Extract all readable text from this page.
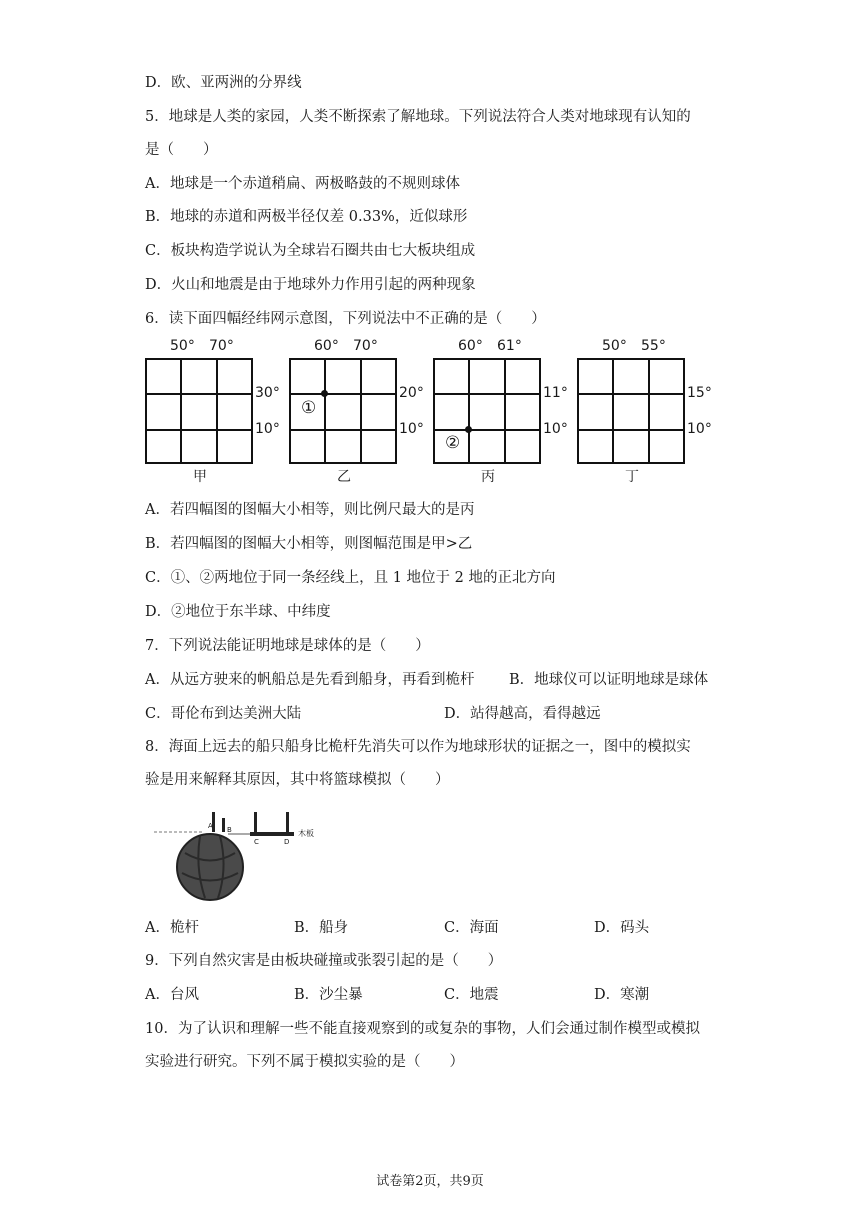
D．欧、亚两洲的分界线
5．地球是人类的家园，人类不断探索了解地球。下列说法符合人类对地球现有认知的
是（　　）
A．地球是一个赤道稍扁、两极略鼓的不规则球体
B．地球的赤道和两极半径仅差 0.33%，近似球形
C．板块构造学说认为全球岩石圈共由七大板块组成
D．火山和地震是由于地球外力作用引起的两种现象
6．读下面四幅经纬网示意图，下列说法中不正确的是（　　）
50° 70°
30°
10°
甲
①
60° 70°
20°
10°
乙
②
60° 61°
11°
10°
丙
50° 55°
15°
10°
丁
A．若四幅图的图幅大小相等，则比例尺最大的是丙
B．若四幅图的图幅大小相等，则图幅范围是甲>乙
C．①、②两地位于同一条经线上，且 1 地位于 2 地的正北方向
D．②地位于东半球、中纬度
7．下列说法能证明地球是球体的是（　　）
A．从远方驶来的帆船总是先看到船身，再看到桅杆 B．地球仪可以证明地球是球体
C．哥伦布到达美洲大陆	D．站得越高，看得越远
8．海面上远去的船只船身比桅杆先消失可以作为地球形状的证据之一，图中的模拟实
验是用来解释其原因，其中将篮球模拟（　　）
A B
C	D
木板
A．桅杆	B．船身	C．海面	D．码头
9．下列自然灾害是由板块碰撞或张裂引起的是（　　）
A．台风	B．沙尘暴	C．地震	D．寒潮
10．为了认识和理解一些不能直接观察到的或复杂的事物，人们会通过制作模型或模拟
实验进行研究。下列不属于模拟实验的是（　　）
试卷第2页，共9页
